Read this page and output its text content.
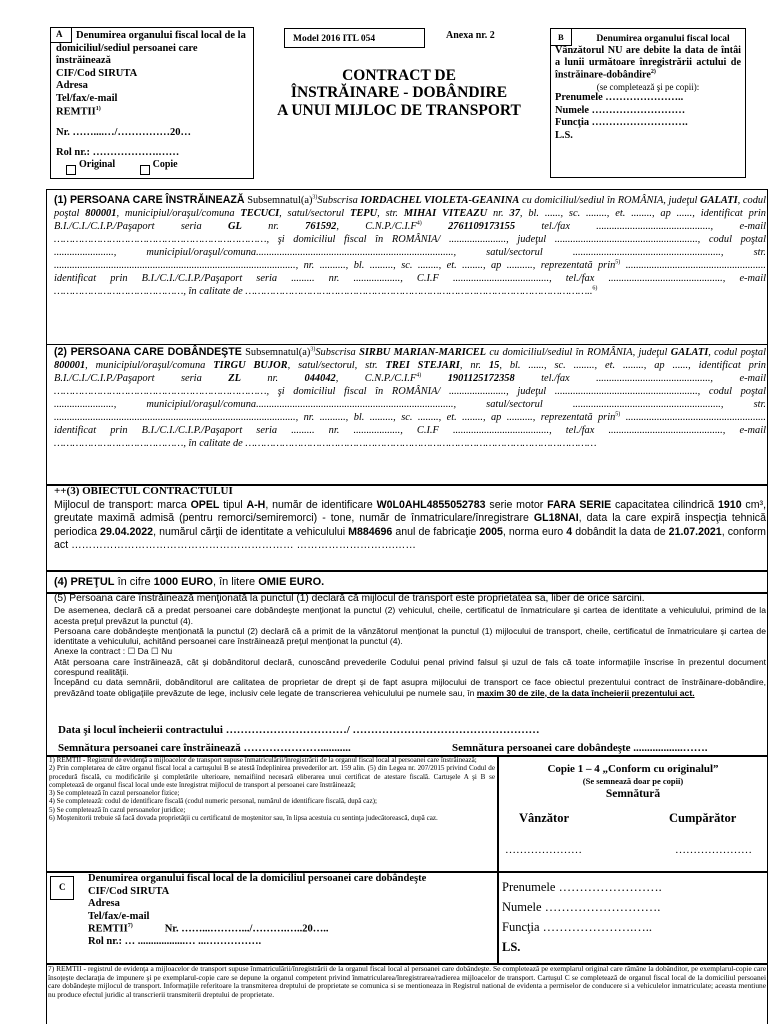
A	Denumirea organului fiscal local de la domiciliul/sediul persoanei care înstrăinează
CIF/Cod SIRUTA
Adresa
Tel/fax/e-mail
REMTII$^{1)}$
Nr. ……....…/……………20…
Rol nr.: ……………….……
Original	Copie
Model 2016 ITL 054	Anexa nr. 2
CONTRACT DE
ÎNSTRĂINARE - DOBÂNDIRE
A UNUI MIJLOC DE TRANSPORT
B	Denumirea organului fiscal local
Vânzătorul NU are debite la data de întâi a lunii următoare înregistrării actului de înstrăinare-dobândire$^{2)}$
(se completează şi pe copii):
Prenumele …………………..
Numele ………………………
Funcţia ……………………….
L.S.
(1) PERSOANA CARE ÎNSTRĂINEAZĂ $Subsemnatul(a)^{3)}Subscrisa$ IORDACHEL VIOLETA-GEANINA cu domiciliul/sediul în ROMÂNIA, judeţul GALATI, codul poştal 800001, municipiul/oraşul/comuna TECUCI, satul/sectorul TEPU, str. MIHAI VITEAZU nr. 37, bl. ......, sc. ........, et. ........, ap ......, identificat prin B.I./C.I./C.I.P./Paşaport seria	GL	nr.	761592, $C.N.P./C.I.F^{4)}$	2761109173155	tel./fax ............................................, e-mail ……………………………………………………………, şi domiciliul fiscal în ROMÂNIA/ ......................, judeţul ......................................................., codul poştal ......................., municipiul/oraşul/comuna............................................................................, satul/sectorul ........................................................., str. ............................................................................................., nr. .........., bl. ........., sc. ........, et. ........, ap .........., reprezentată prin$^{5)}$ ...................................................... identificat prin B.I./C.I./C.I.P./Paşaport seria ......... nr. .................., C.I.F ....................................., tel./fax ............................................, e-mail ……………………………………, în calitate de …………………………………………………………………………………………………..$^{6)}$
(2) PERSOANA CARE DOBÂNDEŞTE $Subsemnatul(a)^{3)}Subscrisa$ SIRBU MARIAN-MARICEL cu domiciliul/sediul în ROMÂNIA, judeţul GALATI, codul poştal 800001, municipiul/oraşul/comuna TIRGU BUJOR, satul/sectorul, str. TREI STEJARI, nr. 15, bl. ......, sc. ........, et. ........, ap ......, identificat prin B.I./C.I./C.I.P./Paşaport seria	ZL	nr.	044042, $C.N.P./C.I.F^{4)}$	1901125172358	tel./fax ............................................, e-mail ……………………………………………………………, şi domiciliul fiscal în ROMÂNIA/ ......................, judeţul ......................................................., codul poştal ......................., municipiul/oraşul/comuna............................................................................, satul/sectorul ........................................................., str. ............................................................................................., nr. .........., bl. ........., sc. ........, et. ........, ap .........., reprezentată prin$^{5)}$ ...................................................... identificat prin B.I./C.I./C.I.P./Paşaport seria ......... nr. .................., C.I.F ....................................., tel./fax ............................................, e-mail ……………………………………, în calitate de ……………………………………………………………………………………………………
++(3) OBIECTUL CONTRACTULUI
Mijlocul de transport: marca OPEL tipul A-H, număr de identificare W0L0AHL4855052783 serie motor FARA SERIE capacitatea cilindrică 1910 cm³, greutate maximă admisă (pentru remorci/semiremorci) - tone, număr de înmatriculare/înregistrare GL18NAI, data la care expiră inspecţia tehnică periodica 29.04.2022, numărul cărţii de identitate a vehiculului M884696 anul de fabricaţie 2005, norma euro 4 dobândit la data de 21.07.2021, conform act ……………………………………………………… ……………………….……
(4) PREŢUL în cifre 1000 EURO, în litere OMIE EURO.
(5) Persoana care înstrăinează menţionată la punctul (1) declară că mijlocul de transport este proprietatea sa, liber de orice sarcini.
De asemenea, declară că a predat persoanei care dobândeşte menţionat la punctul (2) vehiculul, cheile, certificatul de înmatriculare şi cartea de identitate a vehiculului, primind de la acesta preţul prevăzut la punctul (4).
Persoana care dobândeşte menţionată la punctul (2) declară că a primit de la vânzătorul menţionat la punctul (1) mijlocului de transport, cheile, certificatul de înmatriculare şi cartea de identitate a vehiculului, achitând persoanei care înstrăinează preţul menţionat la punctul (4).
Anexe la contract : ☐ Da ☐ Nu
Atât persoana care înstrăinează, cât şi dobânditorul declară, cunoscând prevederile Codului penal privind falsul şi uzul de fals că toate informaţiile înscrise în prezentul document corespund realităţii.
Începând cu data semnării, dobânditorul are calitatea de proprietar de drept şi de fapt asupra mijlocului de transport ce face obiectul prezentului contract de înstrăinare-dobândire, prevăzând toate obligaţiile prevăzute de lege, inclusiv cele legate de transcrierea vehiculului pe numele sau, în maxim 30 de zile, de la data încheierii prezentului act.
Data şi locul încheierii contractului ……………………………/ ……………………………………………
Semnătura persoanei care înstrăinează …………………...........	Semnătura persoanei care dobândeşte ..................…….
1) REMTII - Registrul de evidenţă a mijloacelor de transport supuse înmatriculării/înregistrării de la organul fiscal local al persoanei care înstrăinează;
2) Prin completarea de către organul fiscal local a cartuşului B se atestă îndeplinirea prevederilor art. 159 alin. (5) din Legea nr. 207/2015 privind Codul de procedură fiscală, cu modificările şi completările ulterioare, nemaifiind necesară eliberarea unui certificat de atestare fiscală. Cartuşele A şi B se completează de organul fiscal local unde este înregistrat mijlocul de transport al persoanei care înstrăinează;
3) Se completează în cazul persoanelor fizice;
4) Se completează: codul de identificare fiscală (codul numeric personal, numărul de identificare fiscală, după caz);
5) Se completează în cazul persoanelor juridice;
6) Moştenitorii trebuie să facă dovada proprietăţii cu certificatul de moştenitor sau, în lipsa acestuia cu sentinţa judecătorească, după caz.
Copie 1 – 4 „Conform cu originalul”
(Se semnează doar pe copii)
Semnătură
Vânzător	Cumpărător
…………………	…………………
C
Denumirea organului fiscal local de la domiciliul persoanei care dobândeşte
CIF/Cod SIRUTA
Adresa
Tel/fax/e-mail
REMTII$^{7)}$	Nr. ……...……….../……….…..20…..
Rol nr.: … ..................… ...…………….
Prenumele …………………….
Numele ……………………….
Funcţia ………………….…..
LS.
7) REMTII - registrul de evidenţa a mijloacelor de transport supuse înmatriculării/înregistrării de la organul fiscal local al persoanei care dobândeşte. Se completează pe exemplarul original care rămâne la dobânditor, pe exemplarul-copie care însoţeşte declaraţia de impunere şi pe exemplarul-copie care se depune la organul competent privind înmatricularea/înregistrarea/radierea mijloacelor de transport. Cartuşul C se completează de organul fiscal local de la domiciliul persoanei care dobândeşte mijlocul de transport. Informaţiile referitoare la transmiterea dreptului de proprietate se comunica si se mentioneaza in Registrul national de evidenta a permiselor de conducere si a vehiculelor inmatriculate; aceasta mentiune nu produce efectul juridic al transcrierii transmiterii dreptului de proprietate.
